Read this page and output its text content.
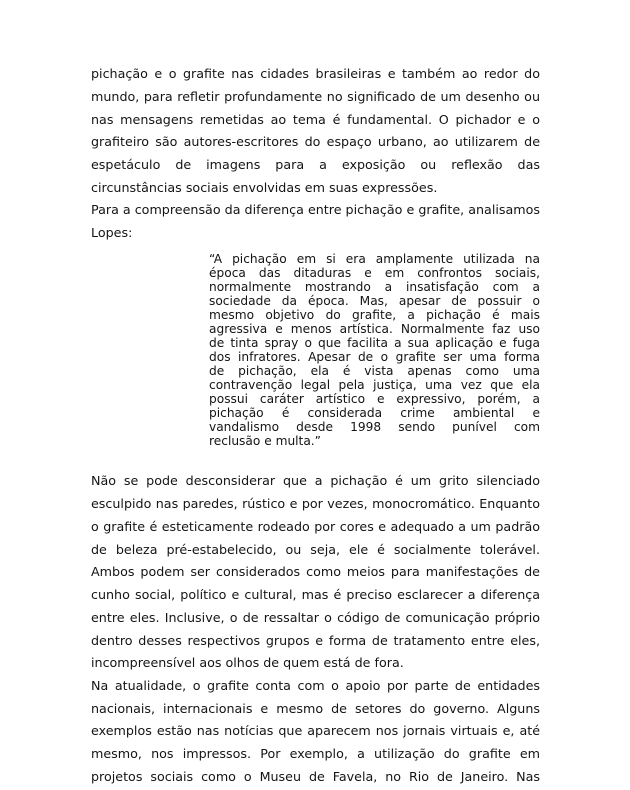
pichação e o grafite nas cidades brasileiras e também ao redor do
mundo, para refletir profundamente no significado de um desenho ou
nas mensagens remetidas ao tema é fundamental. O pichador e o
grafiteiro são autores-escritores do espaço urbano, ao utilizarem de
espetáculo de imagens para a exposição ou reflexão das
circunstâncias sociais envolvidas em suas expressões.
Para a compreensão da diferença entre pichação e grafite, analisamos
Lopes:
“A pichação em si era amplamente utilizada na
época das ditaduras e em confrontos sociais,
normalmente mostrando a insatisfação com a
sociedade da época. Mas, apesar de possuir o
mesmo objetivo do grafite, a pichação é mais
agressiva e menos artística. Normalmente faz uso
de tinta spray o que facilita a sua aplicação e fuga
dos infratores. Apesar de o grafite ser uma forma
de pichação, ela é vista apenas como uma
contravenção legal pela justiça, uma vez que ela
possui caráter artístico e expressivo, porém, a
pichação é considerada crime ambiental e
vandalismo desde 1998 sendo punível com
reclusão e multa.”
Não se pode desconsiderar que a pichação é um grito silenciado
esculpido nas paredes, rústico e por vezes, monocromático. Enquanto
o grafite é esteticamente rodeado por cores e adequado a um padrão
de beleza pré-estabelecido, ou seja, ele é socialmente tolerável.
Ambos podem ser considerados como meios para manifestações de
cunho social, político e cultural, mas é preciso esclarecer a diferença
entre eles. Inclusive, o de ressaltar o código de comunicação próprio
dentro desses respectivos grupos e forma de tratamento entre eles,
incompreensível aos olhos de quem está de fora.
Na atualidade, o grafite conta com o apoio por parte de entidades
nacionais, internacionais e mesmo de setores do governo. Alguns
exemplos estão nas notícias que aparecem nos jornais virtuais e, até
mesmo, nos impressos. Por exemplo, a utilização do grafite em
projetos sociais como o Museu de Favela, no Rio de Janeiro. Nas
